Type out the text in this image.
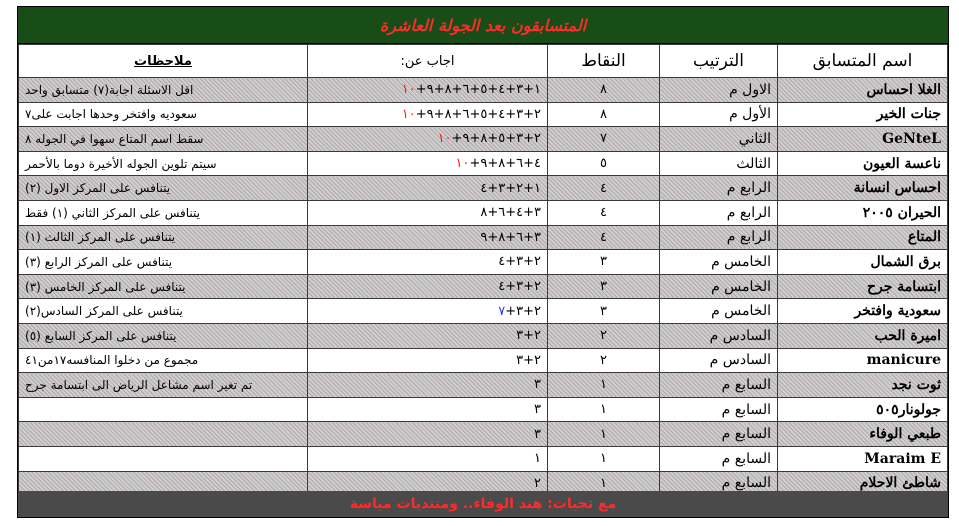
المتسابقون بعد الجولة العاشرة
اسم المتسابق	الترتيب	النقاط	اجاب عن:	ملاحظات
الغلا احساس	الاول م	٨	١+٣+٤+٥+٦+٨+٩+١٠	اقل الاسئلة اجابة(٧) متسابق واحد
جنات الخير	الأول م	٨	٢+٣+٤+٥+٦+٨+٩+١٠	سعوديه وافتخر وحدها اجابت على٧
GeNteL	الثاني	٧	٢+٣+٥+٨+٩+١٠	سقط اسم المتاع سهوا في الجوله ٨
ناعسة العيون	الثالث	٥	٤+٦+٨+٩+١٠	سيتم تلوين الجوله الأخيرة دوما بالأحمر
احساس انسانة	الرابع م	٤	١+٢+٣+٤	يتنافس على المركز الاول (٢)
الحيران ٢٠٠٥	الرابع م	٤	٣+٤+٦+٨	يتنافس على المركز الثاني (١) فقط
المتاع	الرابع م	٤	٣+٦+٨+٩	يتنافس على المركز الثالث (١)
برق الشمال	الخامس م	٣	٢+٣+٤	يتنافس على المركز الرابع (٣)
ابتسامة جرح	الخامس م	٣	٢+٣+٤	يتنافس على المركز الخامس (٣)
سعودية وافتخر	الخامس م	٣	٢+٣+٧	يتنافس على المركز السادس(٢)
اميرة الحب	السادس م	٢	٢+٣	يتنافس على المركز السابع (٥)
manicure	السادس م	٢	٢+٣	مجموع من دخلوا المنافسه١٧من٤١
ثوت نجد	السابع م	١	٣	تم تغير اسم مشاعل الرياض الى ابتسامة جرح
جولونار٥٠٥	السابع م	١	٣	
طبعي الوفاء	السابع م	١	٣	
Maraim E	السابع م	١	١	
شاطئ الاحلام	السابع م	١	٢	
مع تحيات: هند الوفاء.. ومنتديات مياسة
